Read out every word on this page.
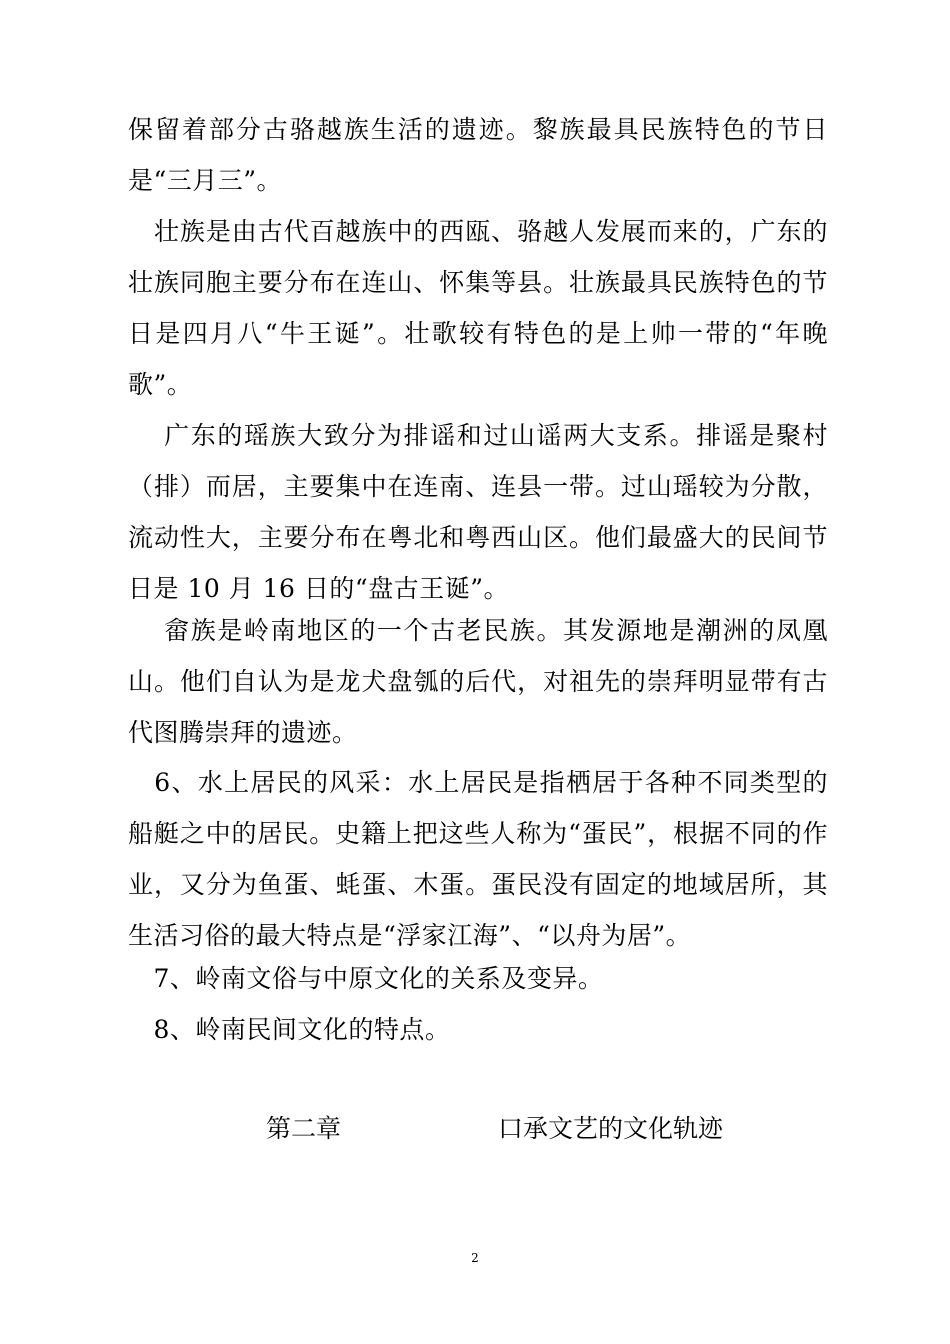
保留着部分古骆越族生活的遗迹。黎族最具民族特色的节日是“三月三”。

　壮族是由古代百越族中的西瓯、骆越人发展而来的，广东的壮族同胞主要分布在连山、怀集等县。壮族最具民族特色的节日是四月八“牛王诞”。壮歌较有特色的是上帅一带的“年晚歌”。

　 广东的瑶族大致分为排谣和过山谣两大支系。排谣是聚村（排）而居，主要集中在连南、连县一带。过山瑶较为分散，流动性大，主要分布在粤北和粤西山区。他们最盛大的民间节日是 10 月 16 日的“盘古王诞”。

　 畲族是岭南地区的一个古老民族。其发源地是潮洲的凤凰山。他们自认为是龙犬盘瓠的后代，对祖先的崇拜明显带有古代图腾崇拜的遗迹。

　6、水上居民的风采：水上居民是指栖居于各种不同类型的船艇之中的居民。史籍上把这些人称为“蛋民”，根据不同的作业，又分为鱼蛋、蚝蛋、木蛋。蛋民没有固定的地域居所，其生活习俗的最大特点是“浮家江海”、“以舟为居”。

　7、岭南文俗与中原文化的关系及变异。

　8、岭南民间文化的特点。

第二章	口承文艺的文化轨迹
2
